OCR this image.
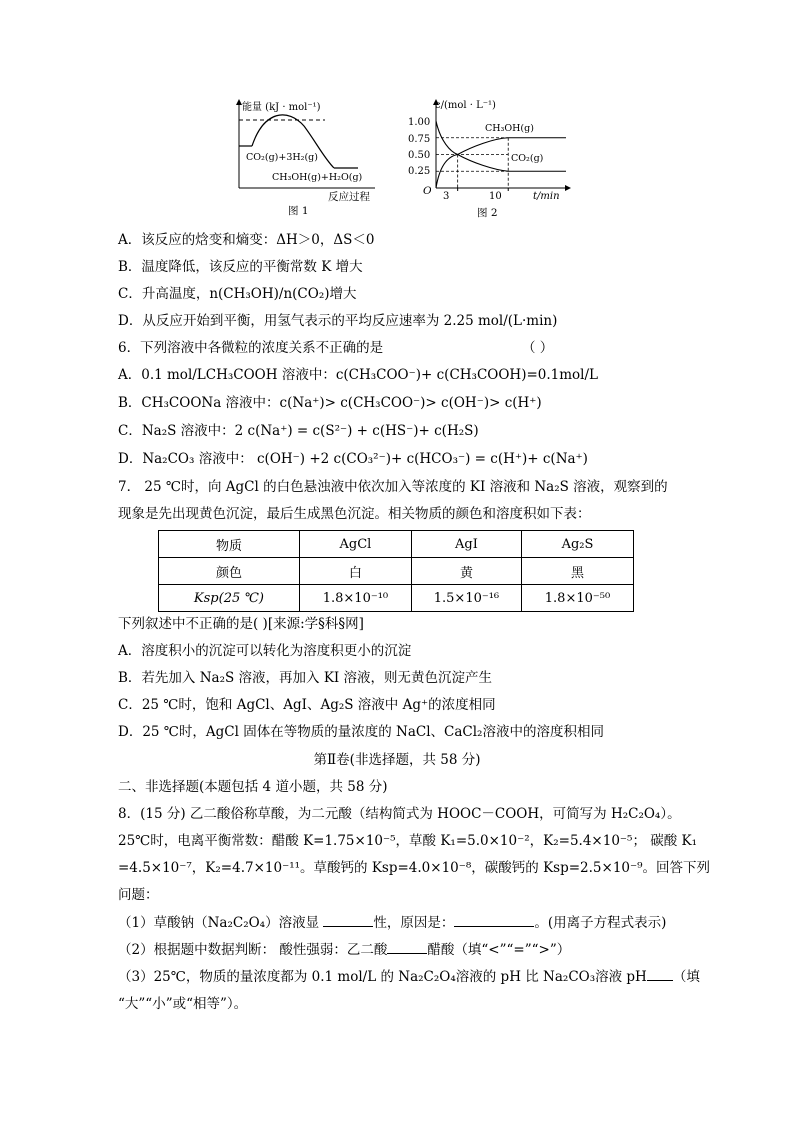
能量 (kJ · mol⁻¹)
CO₂(g)+3H₂(g)
CH₃OH(g)+H₂O(g)
反应过程
图 1
c/(mol · L⁻¹)
1.00
0.75
0.50
0.25
O 3	10	t/min
CH₃OH(g)
CO₂(g)
图 2
A．该反应的焓变和熵变：ΔH＞0，ΔS＜0
B．温度降低，该反应的平衡常数 K 增大
C．升高温度，n(CH₃OH)/n(CO₂)增大
D．从反应开始到平衡，用氢气表示的平均反应速率为 2.25 mol/(L·min)
6．下列溶液中各微粒的浓度关系不正确的是	（ ）
A．0.1 mol/LCH₃COOH 溶液中：c(CH₃COO⁻)+ c(CH₃COOH)=0.1mol/L
B．CH₃COONa 溶液中：c(Na⁺)> c(CH₃COO⁻)> c(OH⁻)> c(H⁺)
C．Na₂S 溶液中：2 c(Na⁺) = c(S²⁻) + c(HS⁻)+ c(H₂S)
D．Na₂CO₃ 溶液中： c(OH⁻) +2 c(CO₃²⁻)+ c(HCO₃⁻) = c(H⁺)+ c(Na⁺)
7． 25 ℃时，向 AgCl 的白色悬浊液中依次加入等浓度的 KI 溶液和 Na₂S 溶液，观察到的
现象是先出现黄色沉淀，最后生成黑色沉淀。相关物质的颜色和溶度积如下表：
物质	AgCl	AgI	Ag₂S
颜色	白	黄	黑
Ksp(25 ℃)	1.8×10⁻¹⁰	1.5×10⁻¹⁶	1.8×10⁻⁵⁰
下列叙述中不正确的是( )[来源:学§科§网]
A．溶度积小的沉淀可以转化为溶度积更小的沉淀
B．若先加入 Na₂S 溶液，再加入 KI 溶液，则无黄色沉淀产生
C．25 ℃时，饱和 AgCl、AgI、Ag₂S 溶液中 Ag⁺的浓度相同
D．25 ℃时，AgCl 固体在等物质的量浓度的 NaCl、CaCl₂溶液中的溶度积相同
第Ⅱ卷(非选择题，共 58 分)
二、非选择题(本题包括 4 道小题，共 58 分)
8．(15 分) 乙二酸俗称草酸，为二元酸（结构简式为 HOOC－COOH，可简写为 H₂C₂O₄）。
25℃时，电离平衡常数：醋酸 K=1.75×10⁻⁵，草酸 K₁=5.0×10⁻²，K₂=5.4×10⁻⁵； 碳酸 K₁
=4.5×10⁻⁷，K₂=4.7×10⁻¹¹。草酸钙的 Ksp=4.0×10⁻⁸，碳酸钙的 Ksp=2.5×10⁻⁹。回答下列
问题：
（1）草酸钠（Na₂C₂O₄）溶液显	性，原因是：	。(用离子方程式表示)
（2）根据题中数据判断： 酸性强弱：乙二酸	醋酸（填“<”“=”“>”）
（3）25℃，物质的量浓度都为 0.1 mol/L 的 Na₂C₂O₄溶液的 pH 比 Na₂CO₃溶液 pH （填
“大”“小”或“相等”）。
